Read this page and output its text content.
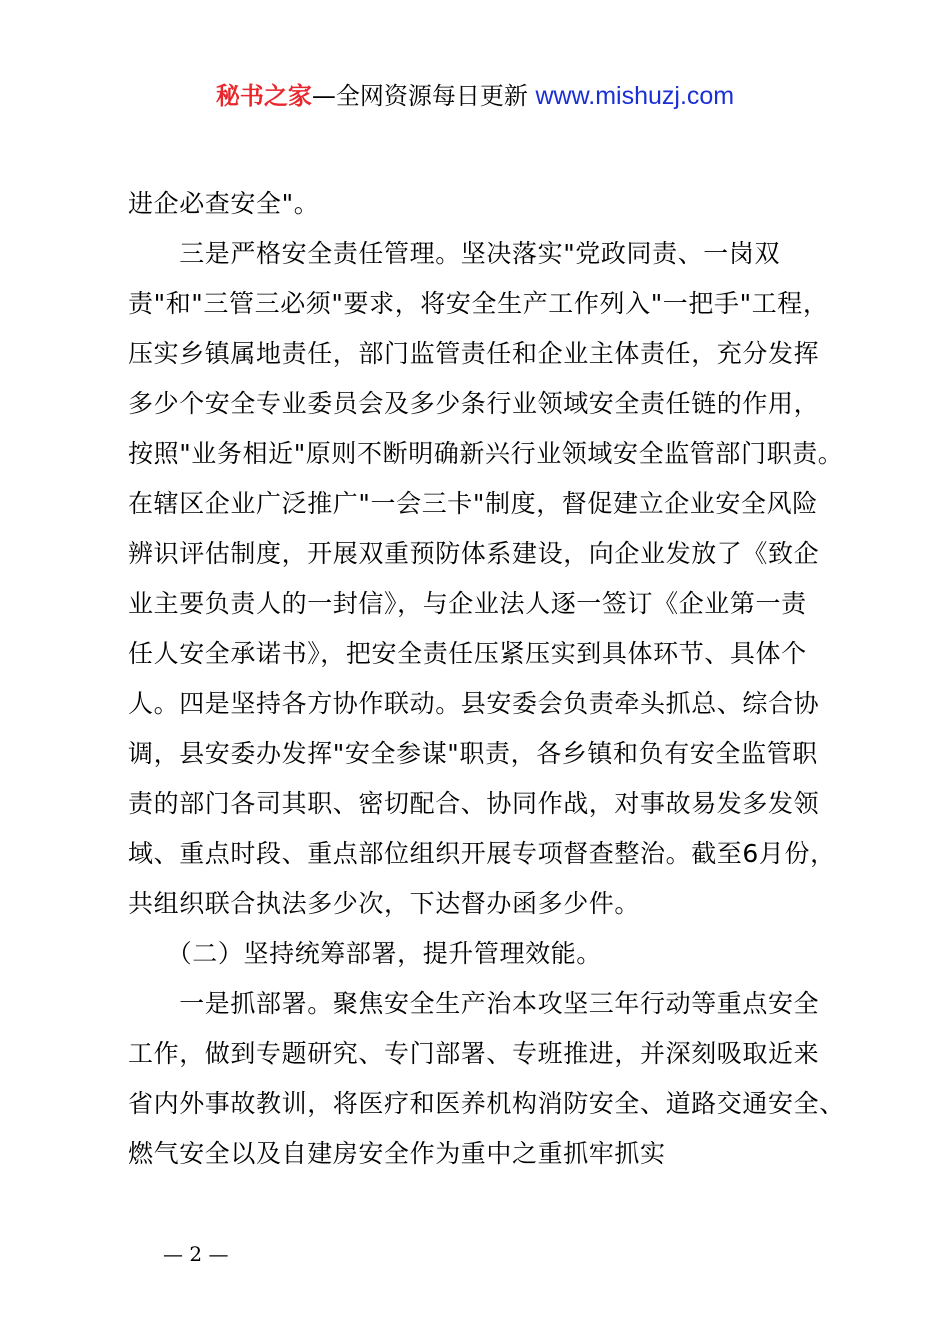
秘书之家—全网资源每日更新 www.mishuzj.com
进企必查安全"。
　　三是严格安全责任管理。坚决落实"党政同责、一岗双
责"和"三管三必须"要求，将安全生产工作列入"一把手"工程，
压实乡镇属地责任，部门监管责任和企业主体责任，充分发挥
多少个安全专业委员会及多少条行业领域安全责任链的作用，
按照"业务相近"原则不断明确新兴行业领域安全监管部门职责。
在辖区企业广泛推广"一会三卡"制度，督促建立企业安全风险
辨识评估制度，开展双重预防体系建设，向企业发放了《致企
业主要负责人的一封信》，与企业法人逐一签订《企业第一责
任人安全承诺书》，把安全责任压紧压实到具体环节、具体个
人。四是坚持各方协作联动。县安委会负责牵头抓总、综合协
调，县安委办发挥"安全参谋"职责，各乡镇和负有安全监管职
责的部门各司其职、密切配合、协同作战，对事故易发多发领
域、重点时段、重点部位组织开展专项督查整治。截至6月份，
共组织联合执法多少次，下达督办函多少件。
　　（二）坚持统筹部署，提升管理效能。
　　一是抓部署。聚焦安全生产治本攻坚三年行动等重点安全
工作，做到专题研究、专门部署、专班推进，并深刻吸取近来
省内外事故教训，将医疗和医养机构消防安全、道路交通安全、
燃气安全以及自建房安全作为重中之重抓牢抓实
— 2 —
